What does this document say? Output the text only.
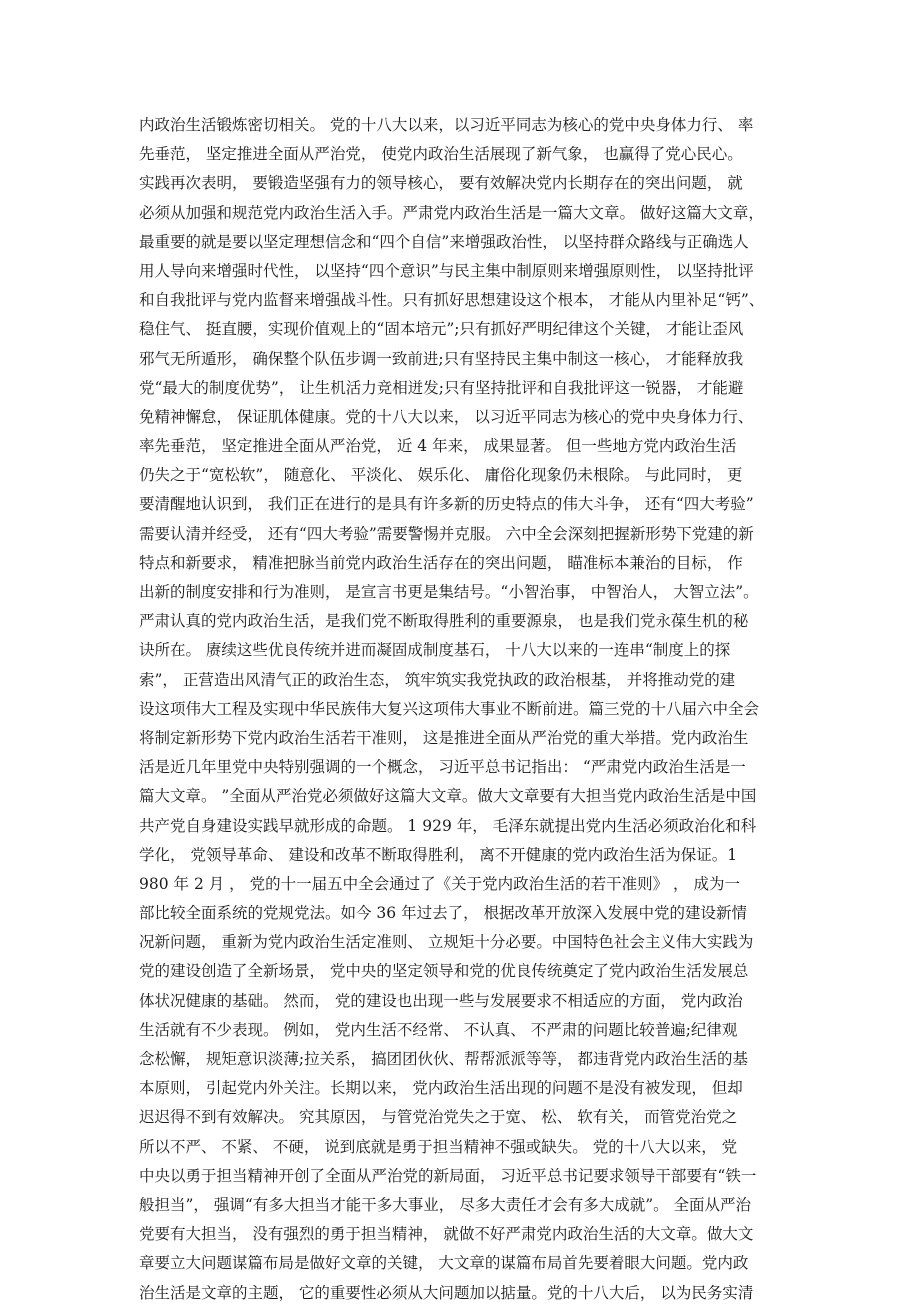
内政治生活锻炼密切相关。 党的十八大以来，以习近平同志为核心的党中央身体力行、 率
先垂范， 坚定推进全面从严治党， 使党内政治生活展现了新气象， 也赢得了党心民心。
实践再次表明， 要锻造坚强有力的领导核心， 要有效解决党内长期存在的突出问题， 就
必须从加强和规范党内政治生活入手。严肃党内政治生活是一篇大文章。 做好这篇大文章，
最重要的就是要以坚定理想信念和“四个自信”来增强政治性， 以坚持群众路线与正确选人
用人导向来增强时代性， 以坚持“四个意识”与民主集中制原则来增强原则性， 以坚持批评
和自我批评与党内监督来增强战斗性。只有抓好思想建设这个根本， 才能从内里补足“钙”、
稳住气、 挺直腰，实现价值观上的“固本培元”;只有抓好严明纪律这个关键， 才能让歪风
邪气无所遁形， 确保整个队伍步调一致前进;只有坚持民主集中制这一核心， 才能释放我
党“最大的制度优势”， 让生机活力竞相迸发;只有坚持批评和自我批评这一锐器， 才能避
免精神懈怠， 保证肌体健康。党的十八大以来， 以习近平同志为核心的党中央身体力行、
率先垂范， 坚定推进全面从严治党， 近 4 年来， 成果显著。 但一些地方党内政治生活
仍失之于“宽松软”， 随意化、 平淡化、 娱乐化、 庸俗化现象仍未根除。 与此同时， 更
要清醒地认识到， 我们正在进行的是具有许多新的历史特点的伟大斗争， 还有“四大考验”
需要认清并经受， 还有“四大考验”需要警惕并克服。 六中全会深刻把握新形势下党建的新
特点和新要求， 精准把脉当前党内政治生活存在的突出问题， 瞄准标本兼治的目标， 作
出新的制度安排和行为准则， 是宣言书更是集结号。“小智治事， 中智治人， 大智立法”。
严肃认真的党内政治生活，是我们党不断取得胜利的重要源泉， 也是我们党永葆生机的秘
诀所在。 赓续这些优良传统并进而凝固成制度基石， 十八大以来的一连串“制度上的探
索”， 正营造出风清气正的政治生态， 筑牢筑实我党执政的政治根基， 并将推动党的建
设这项伟大工程及实现中华民族伟大复兴这项伟大事业不断前进。篇三党的十八届六中全会
将制定新形势下党内政治生活若干准则， 这是推进全面从严治党的重大举措。党内政治生
活是近几年里党中央特别强调的一个概念， 习近平总书记指出： “严肃党内政治生活是一
篇大文章。 ”全面从严治党必须做好这篇大文章。做大文章要有大担当党内政治生活是中国
共产党自身建设实践早就形成的命题。 1 929 年， 毛泽东就提出党内生活必须政治化和科
学化， 党领导革命、 建设和改革不断取得胜利， 离不开健康的党内政治生活为保证。1
980 年 2 月 ， 党的十一届五中全会通过了《关于党内政治生活的若干准则》 ， 成为一
部比较全面系统的党规党法。如今 36 年过去了， 根据改革开放深入发展中党的建设新情
况新问题， 重新为党内政治生活定准则、 立规矩十分必要。中国特色社会主义伟大实践为
党的建设创造了全新场景， 党中央的坚定领导和党的优良传统奠定了党内政治生活发展总
体状况健康的基础。 然而， 党的建设也出现一些与发展要求不相适应的方面， 党内政治
生活就有不少表现。 例如， 党内生活不经常、 不认真、 不严肃的问题比较普遍;纪律观
念松懈， 规矩意识淡薄;拉关系， 搞团团伙伙、帮帮派派等等， 都违背党内政治生活的基
本原则， 引起党内外关注。长期以来， 党内政治生活出现的问题不是没有被发现， 但却
迟迟得不到有效解决。 究其原因， 与管党治党失之于宽、 松、 软有关， 而管党治党之
所以不严、 不紧、 不硬， 说到底就是勇于担当精神不强或缺失。 党的十八大以来， 党
中央以勇于担当精神开创了全面从严治党的新局面， 习近平总书记要求领导干部要有“铁一
般担当”， 强调“有多大担当才能干多大事业， 尽多大责任才会有多大成就”。 全面从严治
党要有大担当， 没有强烈的勇于担当精神， 就做不好严肃党内政治生活的大文章。做大文
章要立大问题谋篇布局是做好文章的关键， 大文章的谋篇布局首先要着眼大问题。党内政
治生活是文章的主题， 它的重要性必须从大问题加以掂量。党的十八大后， 以为民务实清
